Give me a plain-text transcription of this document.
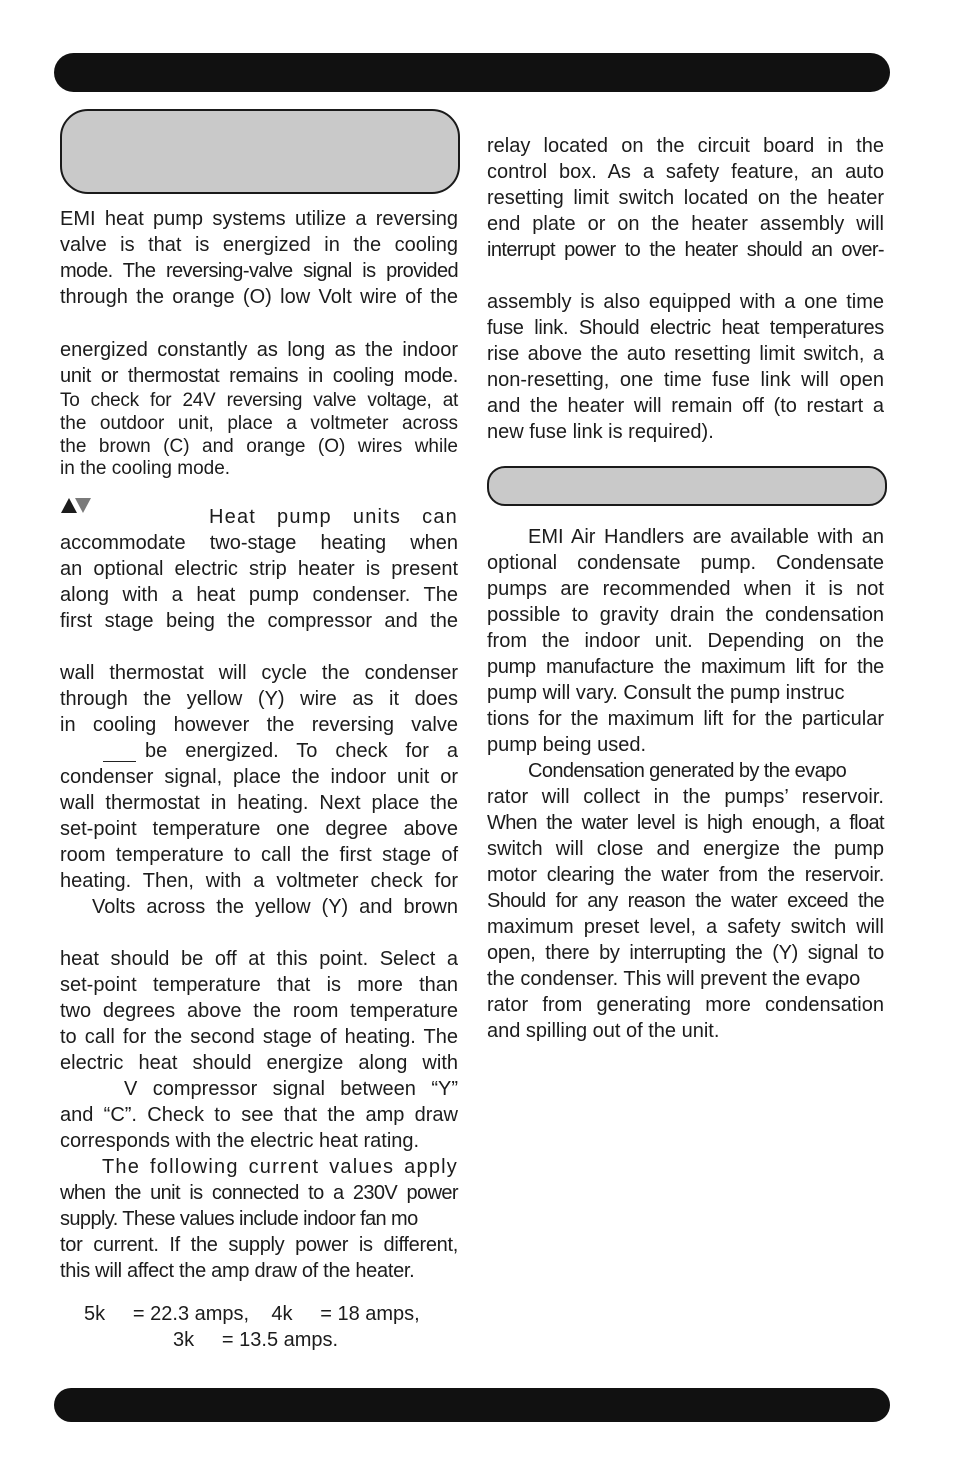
EMI heat pump systems utilize a reversing

valve is that is energized in the cooling

mode. The reversing-valve signal is provided

through the orange (O) low Volt wire of the

energized constantly as long as the indoor

unit or thermostat remains in cooling mode.

To check for 24V reversing valve voltage, at

the outdoor unit, place a voltmeter across

the brown (C) and orange (O) wires while

in the cooling mode.

Heat pump units can

accommodate two-stage heating when

an optional electric strip heater is present

along with a heat pump condenser. The

first stage being the compressor and the

wall thermostat will cycle the condenser

through the yellow (Y) wire as it does

in cooling however the reversing valve

be energized. To check for a

condenser signal, place the indoor unit or

wall thermostat in heating. Next place the

set-point temperature one degree above

room temperature to call the first stage of

heating. Then, with a voltmeter check for

Volts across the yellow (Y) and brown

heat should be off at this point. Select a

set-point temperature that is more than

two degrees above the room temperature

to call for the second stage of heating. The

electric heat should energize along with

V compressor signal between “Y”

and “C”. Check to see that the amp draw

corresponds with the electric heat rating.

The following current values apply

when the unit is connected to a 230V power

supply. These values include indoor fan mo

tor current. If the supply power is different,

this will affect the amp draw of the heater.

5k     = 22.3 amps,    4k     = 18 amps,

3k     = 13.5 amps.

relay located on the circuit board in the

control box. As a safety feature, an auto

resetting limit switch located on the heater

end plate or on the heater assembly will

interrupt power to the heater should an over-

assembly is also equipped with a one time

fuse link. Should electric heat temperatures

rise above the auto resetting limit switch, a

non-resetting, one time fuse link will open

and the heater will remain off (to restart a

new fuse link is required).

EMI Air Handlers are available with an

optional condensate pump. Condensate

pumps are recommended when it is not

possible to gravity drain the condensation

from the indoor unit. Depending on the

pump manufacture the maximum lift for the

pump will vary. Consult the pump instruc

tions for the maximum lift for the particular

pump being used.

Condensation generated by the evapo

rator will collect in the pumps’ reservoir.

When the water level is high enough, a float

switch will close and energize the pump

motor clearing the water from the reservoir.

Should for any reason the water exceed the

maximum preset level, a safety switch will

open, there by interrupting the (Y) signal to

the condenser. This will prevent the evapo

rator from generating more condensation

and spilling out of the unit.
